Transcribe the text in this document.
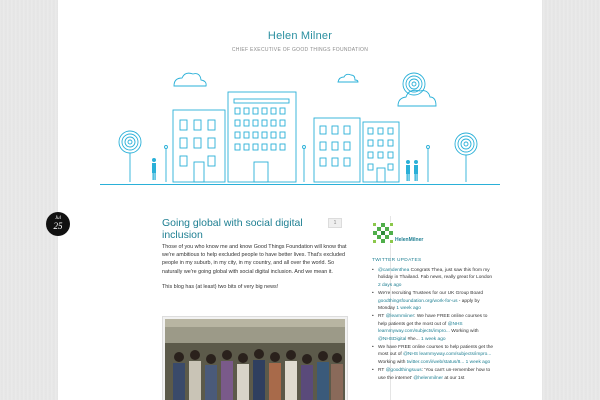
Helen Milner
CHIEF EXECUTIVE OF GOOD THINGS FOUNDATION
Going global with social digital inclusion
1

Those of you who know me and know Good Things Foundation will know that we're ambitious to help excluded people to have better lives. That's excluded people in my suburb, in my city, in my country, and all over the world. So naturally we're going global with social digital inclusion. And we mean it.

This blog has (at least) two bits of very big news!

Jul
25
HelenMilner
TWITTER UPDATES
• @camdenthea Congrats Thea, just saw this from my holiday in Thailand. Fab news, really great for London 2 days ago
• We're recruiting Trustees for our UK Group Board goodthingsfoundation.org/work-for-us - apply by Monday 1 week ago
• RT @learnmiiner: We have FREE online courses to help patients get the most out of @NHS learnmyway.com/subjects/impro... Working with @NHSDigital #he... 1 week ago
• We have FREE online courses to help patients get the most out of @NHS learnmyway.com/subjects/impro... Working with twitter.com/i/web/status/8... 1 week ago
• RT @goodthingsuus: 'You can't un-remember how to use the internet' @helenmilner at our 1st
